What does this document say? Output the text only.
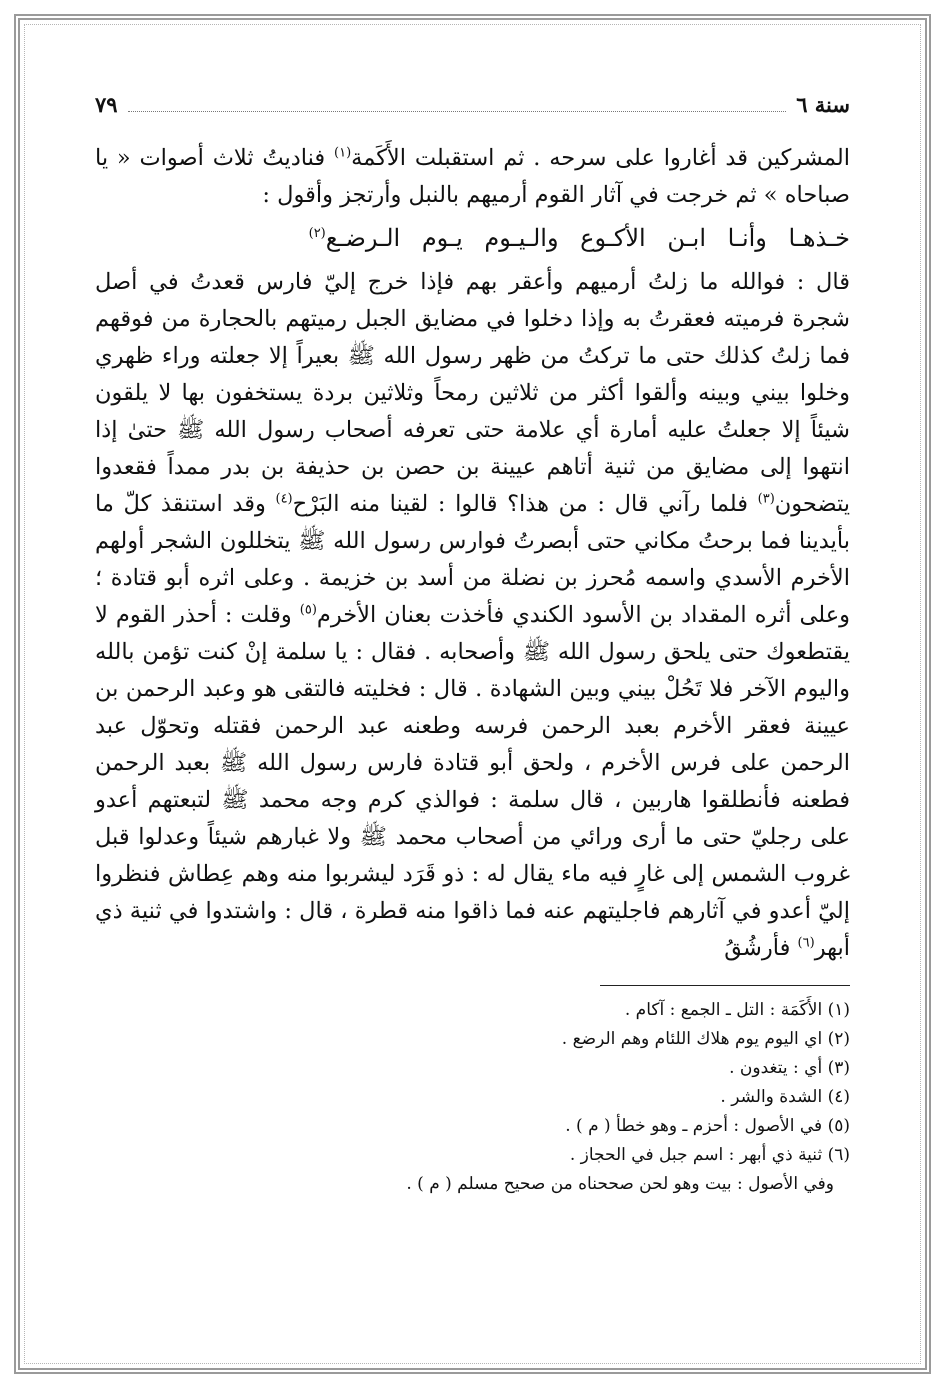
سنة ٦
٧٩

المشركين قد أغاروا على سرحه . ثم استقبلت الأَكَمة$^{(١)}$ فناديتُ ثلاث أصوات « يا صباحاه » ثم خرجت في آثار القوم أرميهم بالنبل وأرتجز وأقول :

خـذهـا وأنـا ابـن الأكـوع والـيـوم يـوم الـرضـع$^{(٢)}$

قال : فوالله ما زلتُ أرميهم وأعقر بهم فإذا خرج إليّ فارس قعدتُ في أصل شجرة فرميته فعقرتُ به وإذا دخلوا في مضايق الجبل رميتهم بالحجارة من فوقهم فما زلتُ كذلك حتى ما تركتُ من ظهر رسول الله ﷺ بعيراً إلا جعلته وراء ظهري وخلوا بيني وبينه وألقوا أكثر من ثلاثين رمحاً وثلاثين بردة يستخفون بها لا يلقون شيئاً إلا جعلتُ عليه أمارة أي علامة حتى تعرفه أصحاب رسول الله ﷺ حتىٰ إذا انتهوا إلى مضايق من ثنية أتاهم عيينة بن حصن بن حذيفة بن بدر ممداً فقعدوا يتضحون$^{(٣)}$ فلما رآني قال : من هذا؟ قالوا : لقينا منه البَرْح$^{(٤)}$ وقد استنقذ كلّ ما بأيدينا فما برحتُ مكاني حتى أبصرتُ فوارس رسول الله ﷺ يتخللون الشجر أولهم الأخرم الأسدي واسمه مُحرز بن نضلة من أسد بن خزيمة . وعلى اثره أبو قتادة ؛ وعلى أثره المقداد بن الأسود الكندي فأخذت بعنان الأخرم$^{(٥)}$ وقلت : أحذر القوم لا يقتطعوك حتى يلحق رسول الله ﷺ وأصحابه . فقال : يا سلمة إنْ كنت تؤمن بالله واليوم الآخر فلا تَحُلْ بيني وبين الشهادة . قال : فخليته فالتقى هو وعبد الرحمن بن عيينة فعقر الأخرم بعبد الرحمن فرسه وطعنه عبد الرحمن فقتله وتحوّل عبد الرحمن على فرس الأخرم ، ولحق أبو قتادة فارس رسول الله ﷺ بعبد الرحمن فطعنه فأنطلقوا هاربين ، قال سلمة : فوالذي كرم وجه محمد ﷺ لتبعتهم أعدو على رجليّ حتى ما أرى ورائي من أصحاب محمد ﷺ ولا غبارهم شيئاً وعدلوا قبل غروب الشمس إلى غارٍ فيه ماء يقال له : ذو قَرَد ليشربوا منه وهم عِطاش فنظروا إليّ أعدو في آثارهم فاجليتهم عنه فما ذاقوا منه قطرة ، قال : واشتدوا في ثنية ذي أبهر$^{(٦)}$ فأرشُقُ

(١) الأَكَمَة : التل ـ الجمع : آكام .
(٢) اي اليوم يوم هلاك اللئام وهم الرضع .
(٣) أي : يتغدون .
(٤) الشدة والشر .
(٥) في الأصول : أحزم ـ وهو خطأ ( م ) .
(٦) ثنية ذي أبهر : اسم جبل في الحجاز .
وفي الأصول : بيت وهو لحن صححناه من صحيح مسلم ( م ) .
